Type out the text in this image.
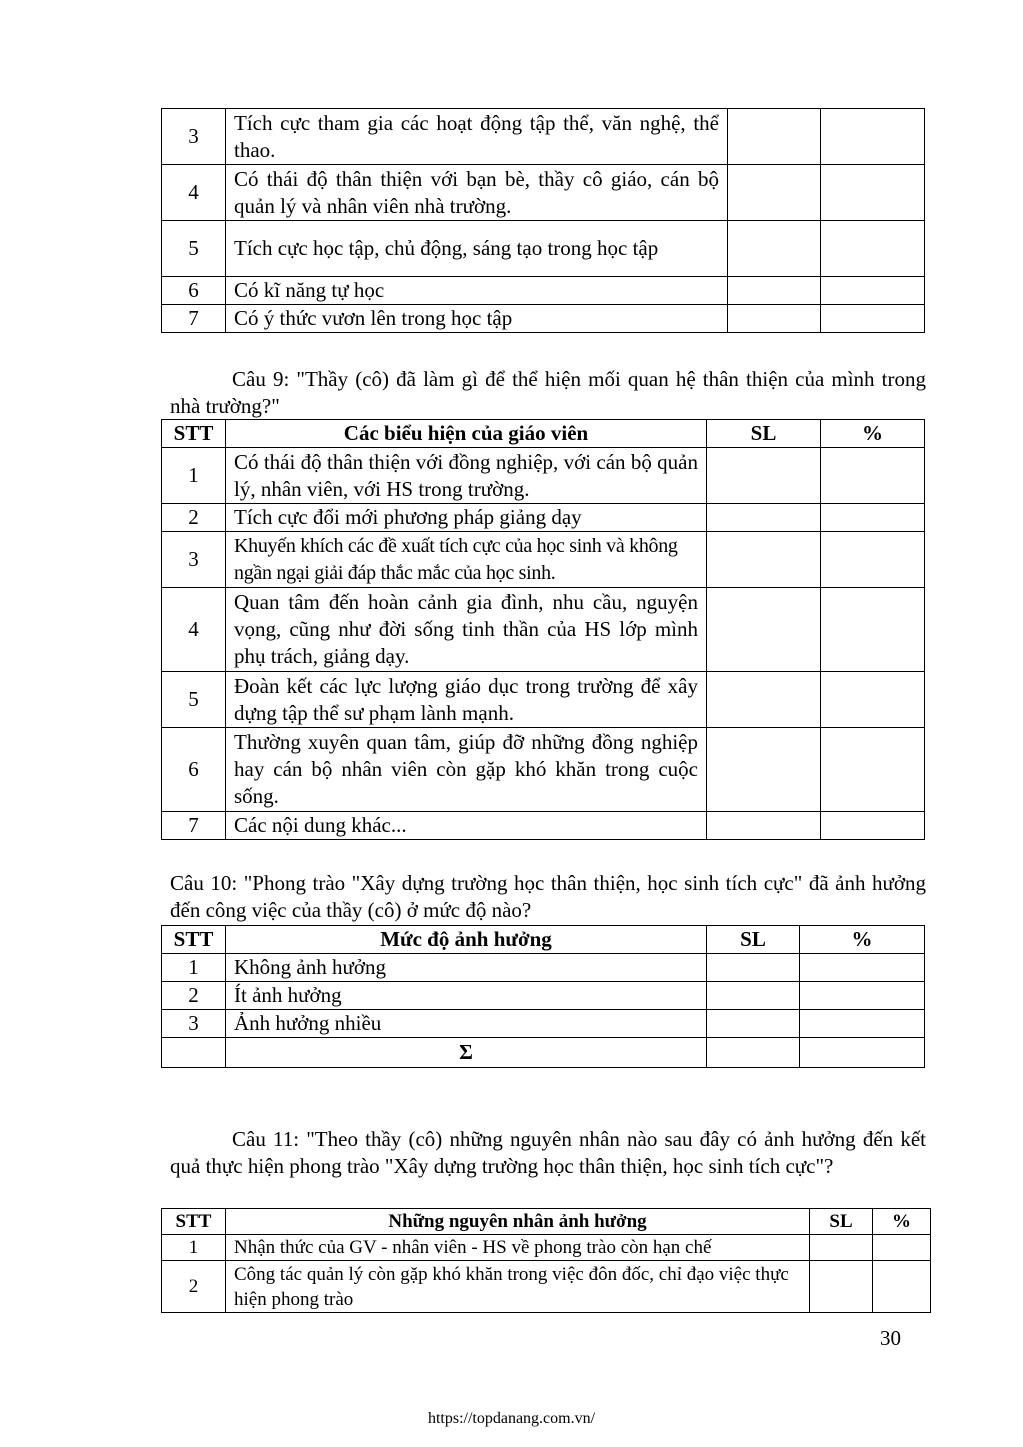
3	Tích cực tham gia các hoạt động tập thể, văn nghệ, thể thao.		
4	Có thái độ thân thiện với bạn bè, thầy cô giáo, cán bộ quản lý và nhân viên nhà trường.		
5	Tích cực học tập, chủ động, sáng tạo trong học tập		
6	Có kĩ năng tự học		
7	Có ý thức vươn lên trong học tập		

Câu 9: "Thầy (cô) đã làm gì để thể hiện mối quan hệ thân thiện của mình trong nhà trường?"

STT	Các biểu hiện của giáo viên	SL	%
1	Có thái độ thân thiện với đồng nghiệp, với cán bộ quản lý, nhân viên, với HS trong trường.		
2	Tích cực đổi mới phương pháp giảng dạy		
3	Khuyến khích các đề xuất tích cực của học sinh và không ngần ngại giải đáp thắc mắc của học sinh.		
4	Quan tâm đến hoàn cảnh gia đình, nhu cầu, nguyện vọng, cũng như đời sống tinh thần của HS lớp mình phụ trách, giảng dạy.		
5	Đoàn kết các lực lượng giáo dục trong trường để xây dựng tập thể sư phạm lành mạnh.		
6	Thường xuyên quan tâm, giúp đỡ những đồng nghiệp hay cán bộ nhân viên còn gặp khó khăn trong cuộc sống.		
7	Các nội dung khác...		

Câu 10: "Phong trào "Xây dựng trường học thân thiện, học sinh tích cực" đã ảnh hưởng đến công việc của thầy (cô) ở mức độ nào?

STT	Mức độ ảnh hưởng	SL	%
1	Không ảnh hưởng		
2	Ít ảnh hưởng		
3	Ảnh hưởng nhiều		
	Σ		

Câu 11: "Theo thầy (cô) những nguyên nhân nào sau đây có ảnh hưởng đến kết quả thực hiện phong trào "Xây dựng trường học thân thiện, học sinh tích cực"?

STT	Những nguyên nhân ảnh hưởng	SL	%
1	Nhận thức của GV - nhân viên - HS về phong trào còn hạn chế		
2	Công tác quản lý còn gặp khó khăn trong việc đôn đốc, chỉ đạo việc thực hiện phong trào		
30
https://topdanang.com.vn/
